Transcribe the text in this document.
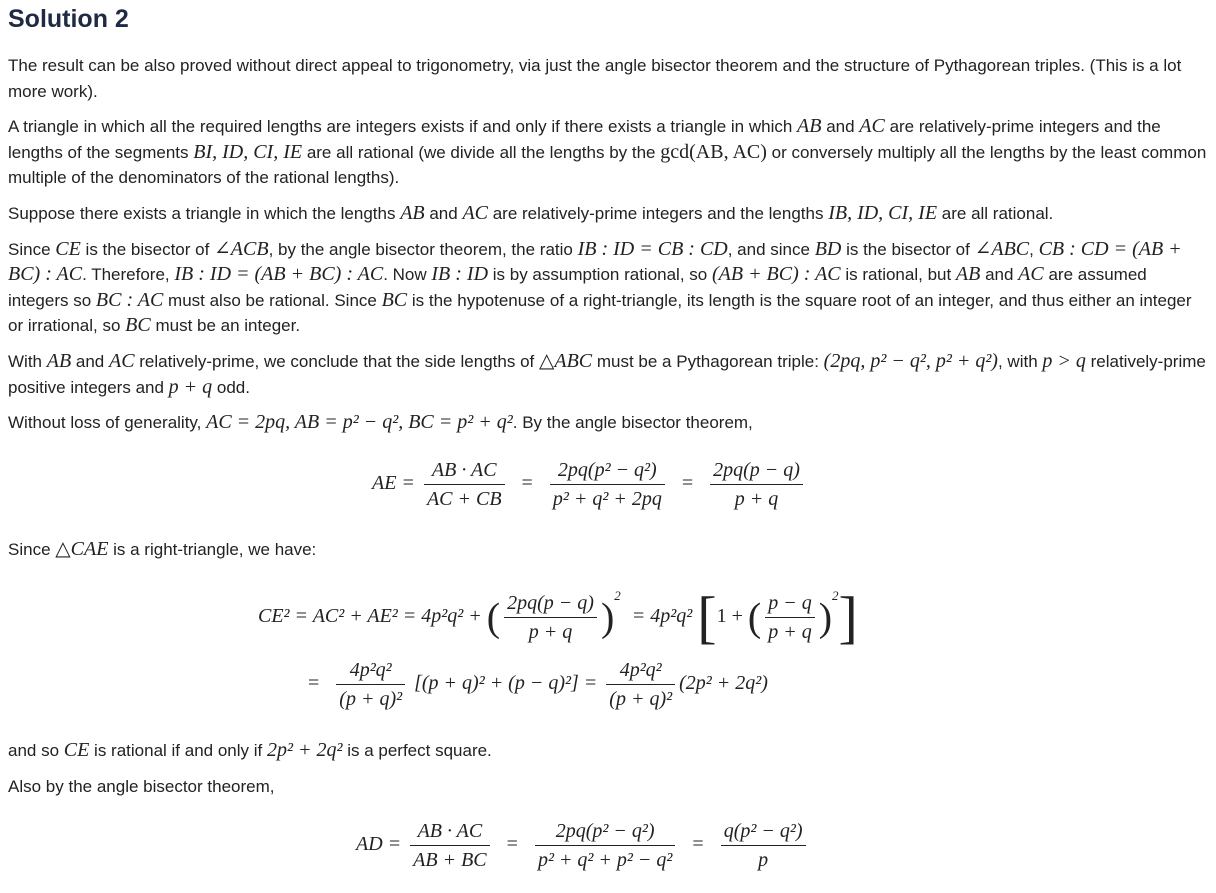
Solution 2

The result can be also proved without direct appeal to trigonometry, via just the angle bisector theorem and the structure of Pythagorean triples. (This is a lot more work).

A triangle in which all the required lengths are integers exists if and only if there exists a triangle in which AB and AC are relatively-prime integers and the lengths of the segments BI, ID, CI, IE are all rational (we divide all the lengths by the gcd(AB, AC) or conversely multiply all the lengths by the least common multiple of the denominators of the rational lengths).

Suppose there exists a triangle in which the lengths AB and AC are relatively-prime integers and the lengths IB, ID, CI, IE are all rational.

Since CE is the bisector of ∠ACB, by the angle bisector theorem, the ratio IB : ID = CB : CD, and since BD is the bisector of ∠ABC, CB : CD = (AB + BC) : AC. Therefore, IB : ID = (AB + BC) : AC. Now IB : ID is by assumption rational, so (AB + BC) : AC is rational, but AB and AC are assumed integers so BC : AC must also be rational. Since BC is the hypotenuse of a right-triangle, its length is the square root of an integer, and thus either an integer or irrational, so BC must be an integer.

With AB and AC relatively-prime, we conclude that the side lengths of △ABC must be a Pythagorean triple: (2pq, p² − q², p² + q²), with p > q relatively-prime positive integers and p + q odd.

Without loss of generality, AC = 2pq, AB = p² − q², BC = p² + q². By the angle bisector theorem,

AE = $\frac{AB \cdot AC}{AC + CB} = \frac{\text{2pq(p² − q²)}}{\text{p² + q² + 2pq}} = \frac{2pq(p - q)}{p + q}$

Since △CAE is a right-triangle, we have:

CE² = AC² + AE² = 4p²q² + ( $\frac{2pq(p - q)}{p + q} )^2 = 4p^2q^2$ [1 + ( $\frac{p - q}{p + q} )^2$]
= $\frac{\text{4p²q²}}{\text{(p + q)²}} [(p + q)^2 + (p - q)^2] = \frac{\text{4p²q²}}{\text{(p + q)²}} (2p^2 + 2q^2)$

and so CE is rational if and only if 2p² + 2q² is a perfect square.

Also by the angle bisector theorem,

AD = $\frac{AB \cdot AC}{AB + BC} = \frac{\text{2pq(p² − q²)}}{\text{p² + q² + p² − q²}} = \frac{\text{q(p² − q²)}}{p}$
